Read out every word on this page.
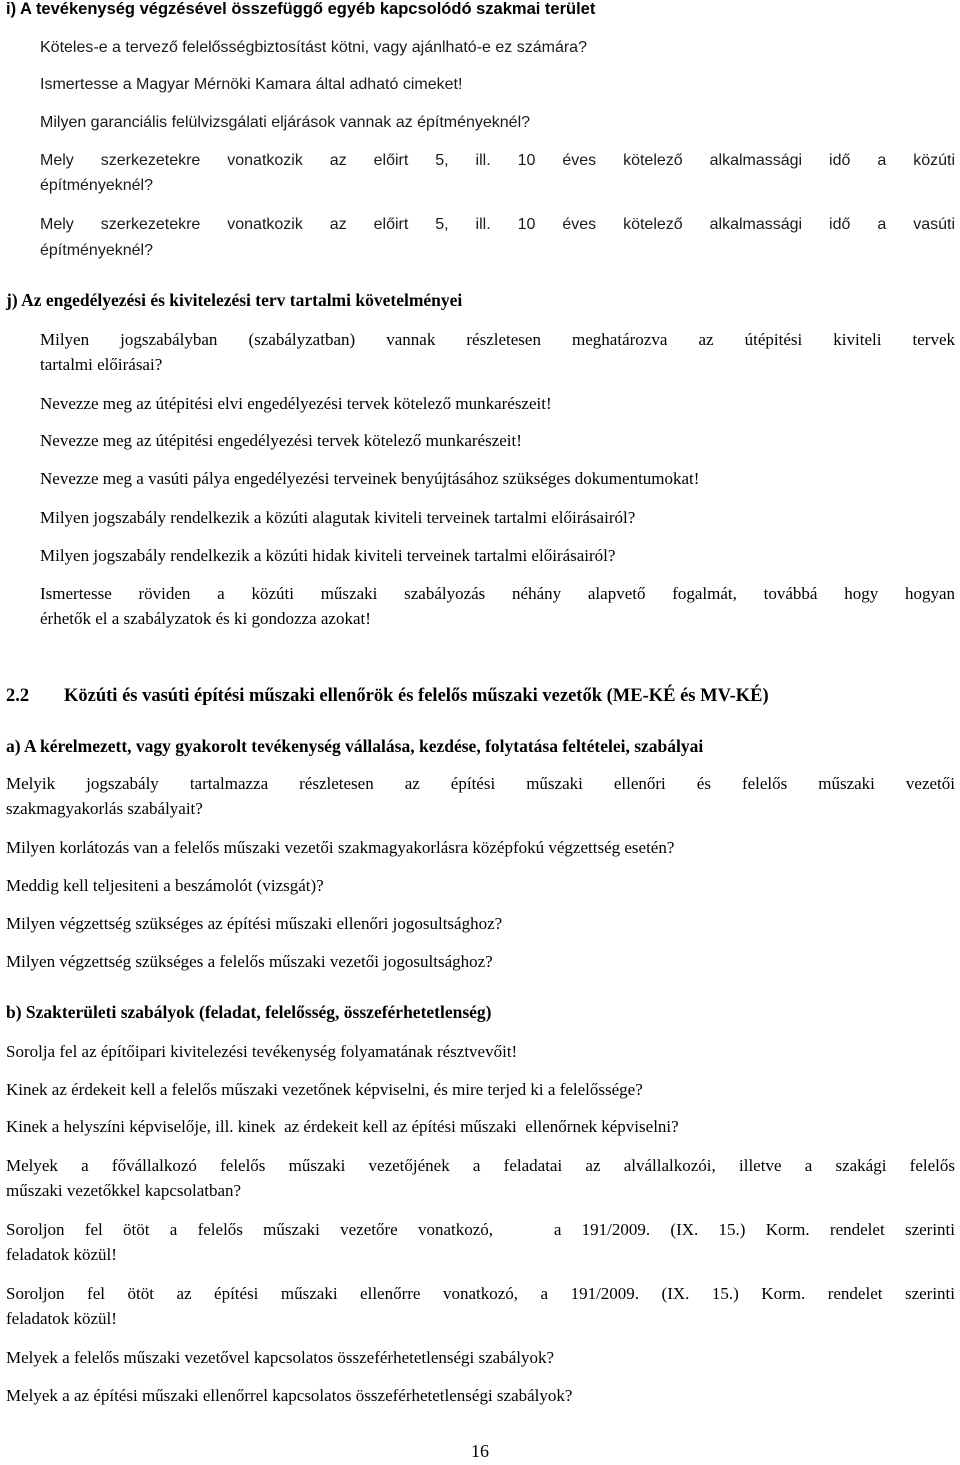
i) A tevékenység végzésével összefüggő egyéb kapcsolódó szakmai terület
Köteles-e a tervező felelősségbiztosítást kötni, vagy ajánlható-e ez számára?
Ismertesse a Magyar Mérnöki Kamara által adható cimeket!
Milyen garanciális felülvizsgálati eljárások vannak az építményeknél?
Mely szerkezetekre vonatkozik az előirt 5, ill. 10 éves kötelező alkalmassági idő a közúti
építményeknél?
Mely szerkezetekre vonatkozik az előirt 5, ill. 10 éves kötelező alkalmassági idő a vasúti
építményeknél?
j) Az engedélyezési és kivitelezési terv tartalmi követelményei
Milyen jogszabályban (szabályzatban) vannak részletesen meghatározva az útépitési kiviteli tervek
tartalmi előirásai?
Nevezze meg az útépitési elvi engedélyezési tervek kötelező munkarészeit!
Nevezze meg az útépitési engedélyezési tervek kötelező munkarészeit!
Nevezze meg a vasúti pálya engedélyezési terveinek benyújtásához szükséges dokumentumokat!
Milyen jogszabály rendelkezik a közúti alagutak kiviteli terveinek tartalmi előirásairól?
Milyen jogszabály rendelkezik a közúti hidak kiviteli terveinek tartalmi előirásairól?
Ismertesse röviden a közúti műszaki szabályozás néhány alapvető fogalmát, továbbá hogy hogyan
érhetők el a szabályzatok és ki gondozza azokat!
2.2 Közúti és vasúti építési műszaki ellenőrök és felelős műszaki vezetők (ME-KÉ és MV-KÉ)
a) A kérelmezett, vagy gyakorolt tevékenység vállalása, kezdése, folytatása feltételei, szabályai
Melyik jogszabály tartalmazza részletesen az építési műszaki ellenőri és felelős műszaki vezetői
szakmagyakorlás szabályait?
Milyen korlátozás van a felelős műszaki vezetői szakmagyakorlásra középfokú végzettség esetén?
Meddig kell teljesiteni a beszámolót (vizsgát)?
Milyen végzettség szükséges az építési műszaki ellenőri jogosultsághoz?
Milyen végzettség szükséges a felelős műszaki vezetői jogosultsághoz?
b) Szakterületi szabályok (feladat, felelősség, összeférhetetlenség)
Sorolja fel az építőipari kivitelezési tevékenység folyamatának résztvevőit!
Kinek az érdekeit kell a felelős műszaki vezetőnek képviselni, és mire terjed ki a felelőssége?
Kinek a helyszíni képviselője, ill. kinek  az érdekeit kell az építési műszaki  ellenőrnek képviselni?
Melyek a fővállalkozó felelős műszaki vezetőjének a feladatai az alvállalkozói, illetve a szakági felelős
műszaki vezetőkkel kapcsolatban?
Soroljon fel ötöt a felelős műszaki vezetőre vonatkozó,   a 191/2009. (IX. 15.) Korm. rendelet szerinti
feladatok közül!
Soroljon fel ötöt az építési műszaki ellenőrre vonatkozó, a 191/2009. (IX. 15.) Korm. rendelet szerinti
feladatok közül!
Melyek a felelős műszaki vezetővel kapcsolatos összeférhetetlenségi szabályok?
Melyek a az építési műszaki ellenőrrel kapcsolatos összeférhetetlenségi szabályok?
16
